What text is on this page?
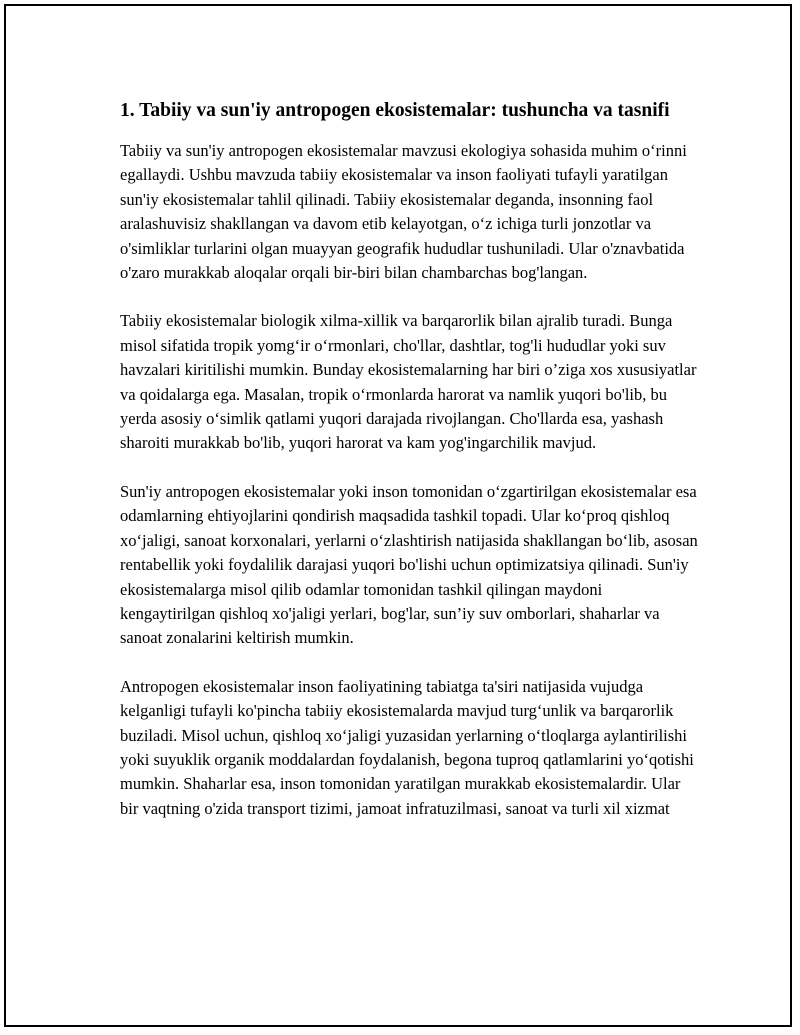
1. Tabiiy va sun'iy antropogen ekosistemalar: tushuncha va tasnifi

Tabiiy va sun'iy antropogen ekosistemalar mavzusi ekologiya sohasida muhim o‘rinni egallaydi. Ushbu mavzuda tabiiy ekosistemalar va inson faoliyati tufayli yaratilgan sun'iy ekosistemalar tahlil qilinadi. Tabiiy ekosistemalar deganda, insonning faol aralashuvisiz shakllangan va davom etib kelayotgan, o‘z ichiga turli jonzotlar va o'simliklar turlarini olgan muayyan geografik hududlar tushuniladi. Ular o'znavbatida o'zaro murakkab aloqalar orqali bir-biri bilan chambarchas bog'langan.

Tabiiy ekosistemalar biologik xilma-xillik va barqarorlik bilan ajralib turadi. Bunga misol sifatida tropik yomg‘ir o‘rmonlari, cho'llar, dashtlar, tog'li hududlar yoki suv havzalari kiritilishi mumkin. Bunday ekosistemalarning har biri o’ziga xos xususiyatlar va qoidalarga ega. Masalan, tropik o‘rmonlarda harorat va namlik yuqori bo'lib, bu yerda asosiy o‘simlik qatlami yuqori darajada rivojlangan. Cho'llarda esa, yashash sharoiti murakkab bo'lib, yuqori harorat va kam yog'ingarchilik mavjud.

Sun'iy antropogen ekosistemalar yoki inson tomonidan o‘zgartirilgan ekosistemalar esa odamlarning ehtiyojlarini qondirish maqsadida tashkil topadi. Ular ko‘proq qishloq xo‘jaligi, sanoat korxonalari, yerlarni o‘zlashtirish natijasida shakllangan bo‘lib, asosan rentabellik yoki foydalilik darajasi yuqori bo'lishi uchun optimizatsiya qilinadi. Sun'iy ekosistemalarga misol qilib odamlar tomonidan tashkil qilingan maydoni kengaytirilgan qishloq xo'jaligi yerlari, bog'lar, sun’iy suv omborlari, shaharlar va sanoat zonalarini keltirish mumkin.

Antropogen ekosistemalar inson faoliyatining tabiatga ta'siri natijasida vujudga kelganligi tufayli ko'pincha tabiiy ekosistemalarda mavjud turg‘unlik va barqarorlik buziladi. Misol uchun, qishloq xo‘jaligi yuzasidan yerlarning o‘tloqlarga aylantirilishi yoki suyuklik organik moddalardan foydalanish, begona tuproq qatlamlarini yo‘qotishi mumkin. Shaharlar esa, inson tomonidan yaratilgan murakkab ekosistemalardir. Ular bir vaqtning o'zida transport tizimi, jamoat infratuzilmasi, sanoat va turli xil xizmat
